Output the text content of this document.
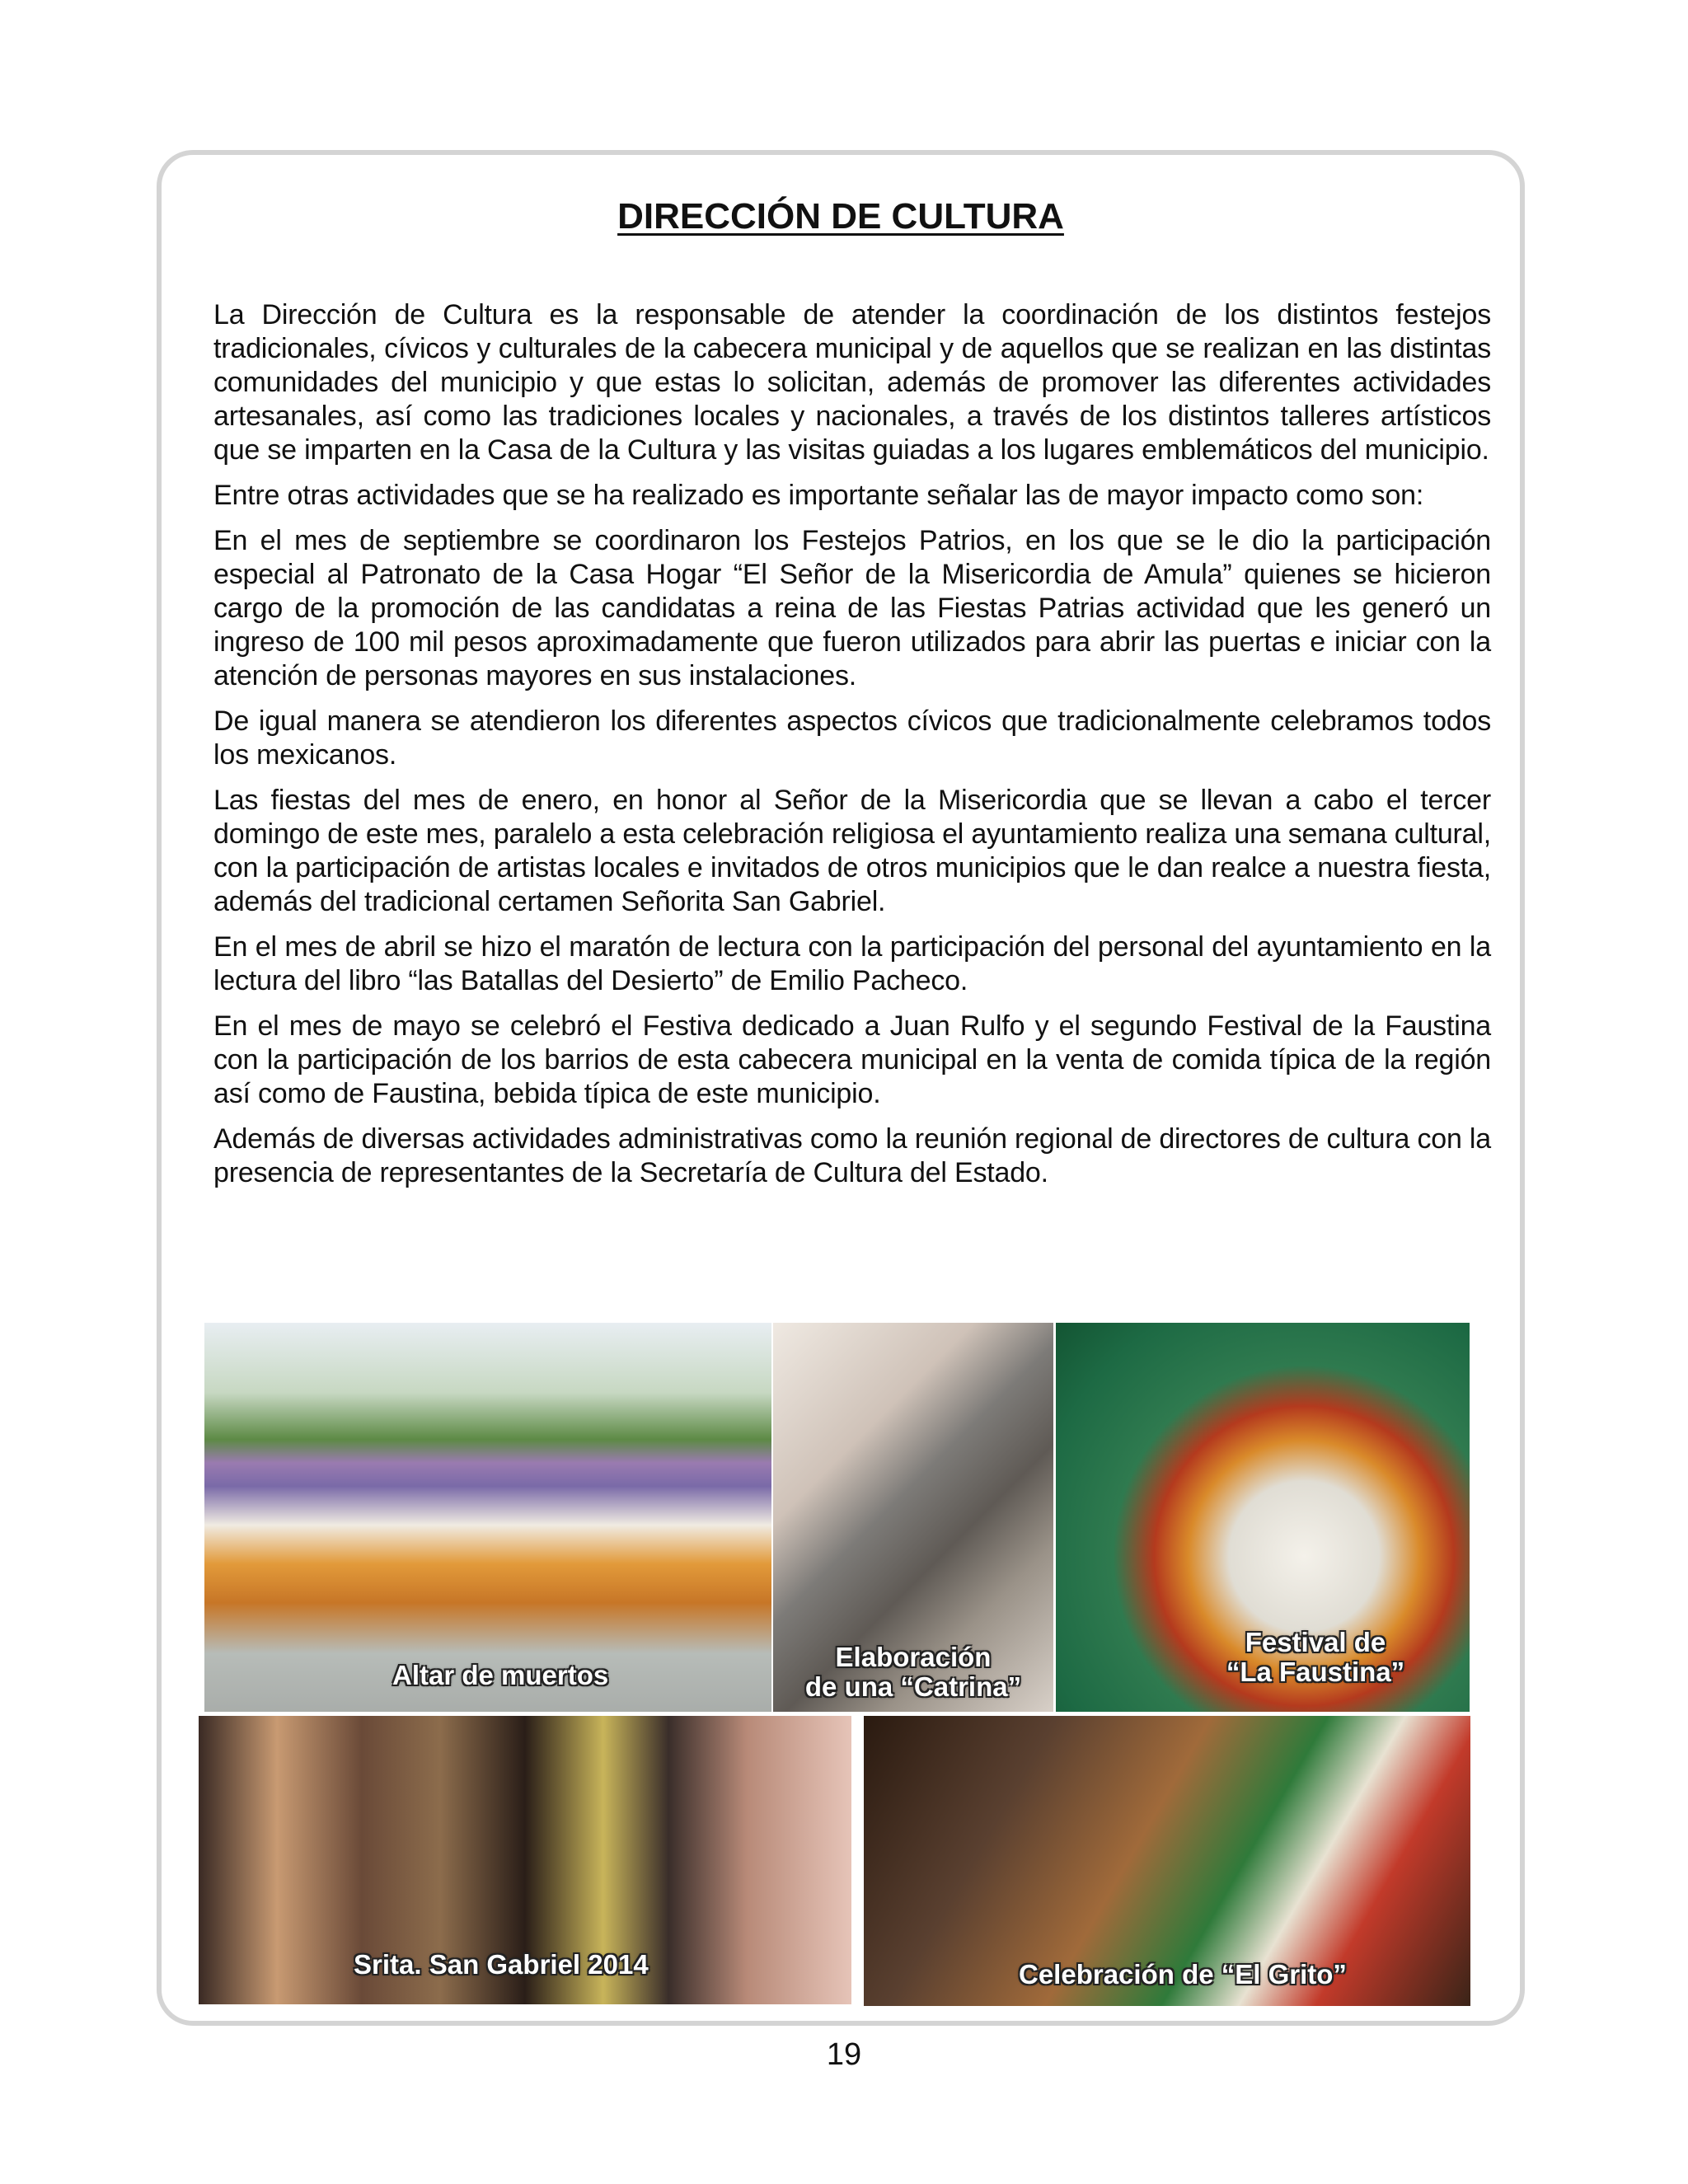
DIRECCIÓN DE CULTURA

La Dirección de Cultura es la responsable de atender la coordinación de los distintos festejos tradicionales, cívicos y culturales de la cabecera municipal y de aquellos que se realizan en las distintas comunidades del municipio y que estas lo solicitan, además de promover las diferentes actividades artesanales, así como las tradiciones locales y nacionales, a través de los distintos talleres artísticos que se imparten en la Casa de la Cultura y las visitas guiadas a los lugares emblemáticos del municipio.

Entre otras actividades que se ha realizado es importante señalar las de mayor impacto como son:

En el mes de septiembre se coordinaron los Festejos Patrios, en los que se le dio la participación especial al Patronato de la Casa Hogar “El Señor de la Misericordia de Amula” quienes se hicieron cargo de la promoción de las candidatas a reina de las Fiestas Patrias actividad que les generó un ingreso de 100 mil pesos aproximadamente que fueron utilizados para abrir las puertas e iniciar con la atención de personas mayores en sus instalaciones.

De igual manera se atendieron los diferentes aspectos cívicos que tradicionalmente celebramos todos los mexicanos.

Las fiestas del mes de enero, en honor al Señor de la Misericordia que se llevan a cabo el tercer domingo de este mes, paralelo a esta celebración religiosa el ayuntamiento realiza una semana cultural, con la participación de artistas locales e invitados de otros municipios que le dan realce a nuestra fiesta, además del tradicional certamen Señorita San Gabriel.

En el mes de abril se hizo el maratón de lectura con la participación del personal del ayuntamiento en la lectura del libro “las Batallas del Desierto” de Emilio Pacheco.

En el mes de mayo se celebró el Festiva dedicado a Juan Rulfo y el segundo Festival de la Faustina con la participación de los barrios de esta cabecera municipal en la venta de comida típica de la región así como de Faustina, bebida típica de este municipio.

Además de diversas actividades administrativas como la reunión regional de directores de cultura con la presencia de representantes de la Secretaría de Cultura del Estado.

Altar de muertos
Elaboración
de una “Catrina”
Festival de
“La Faustina”
Srita. San Gabriel 2014	Celebración de “El Grito”
19
